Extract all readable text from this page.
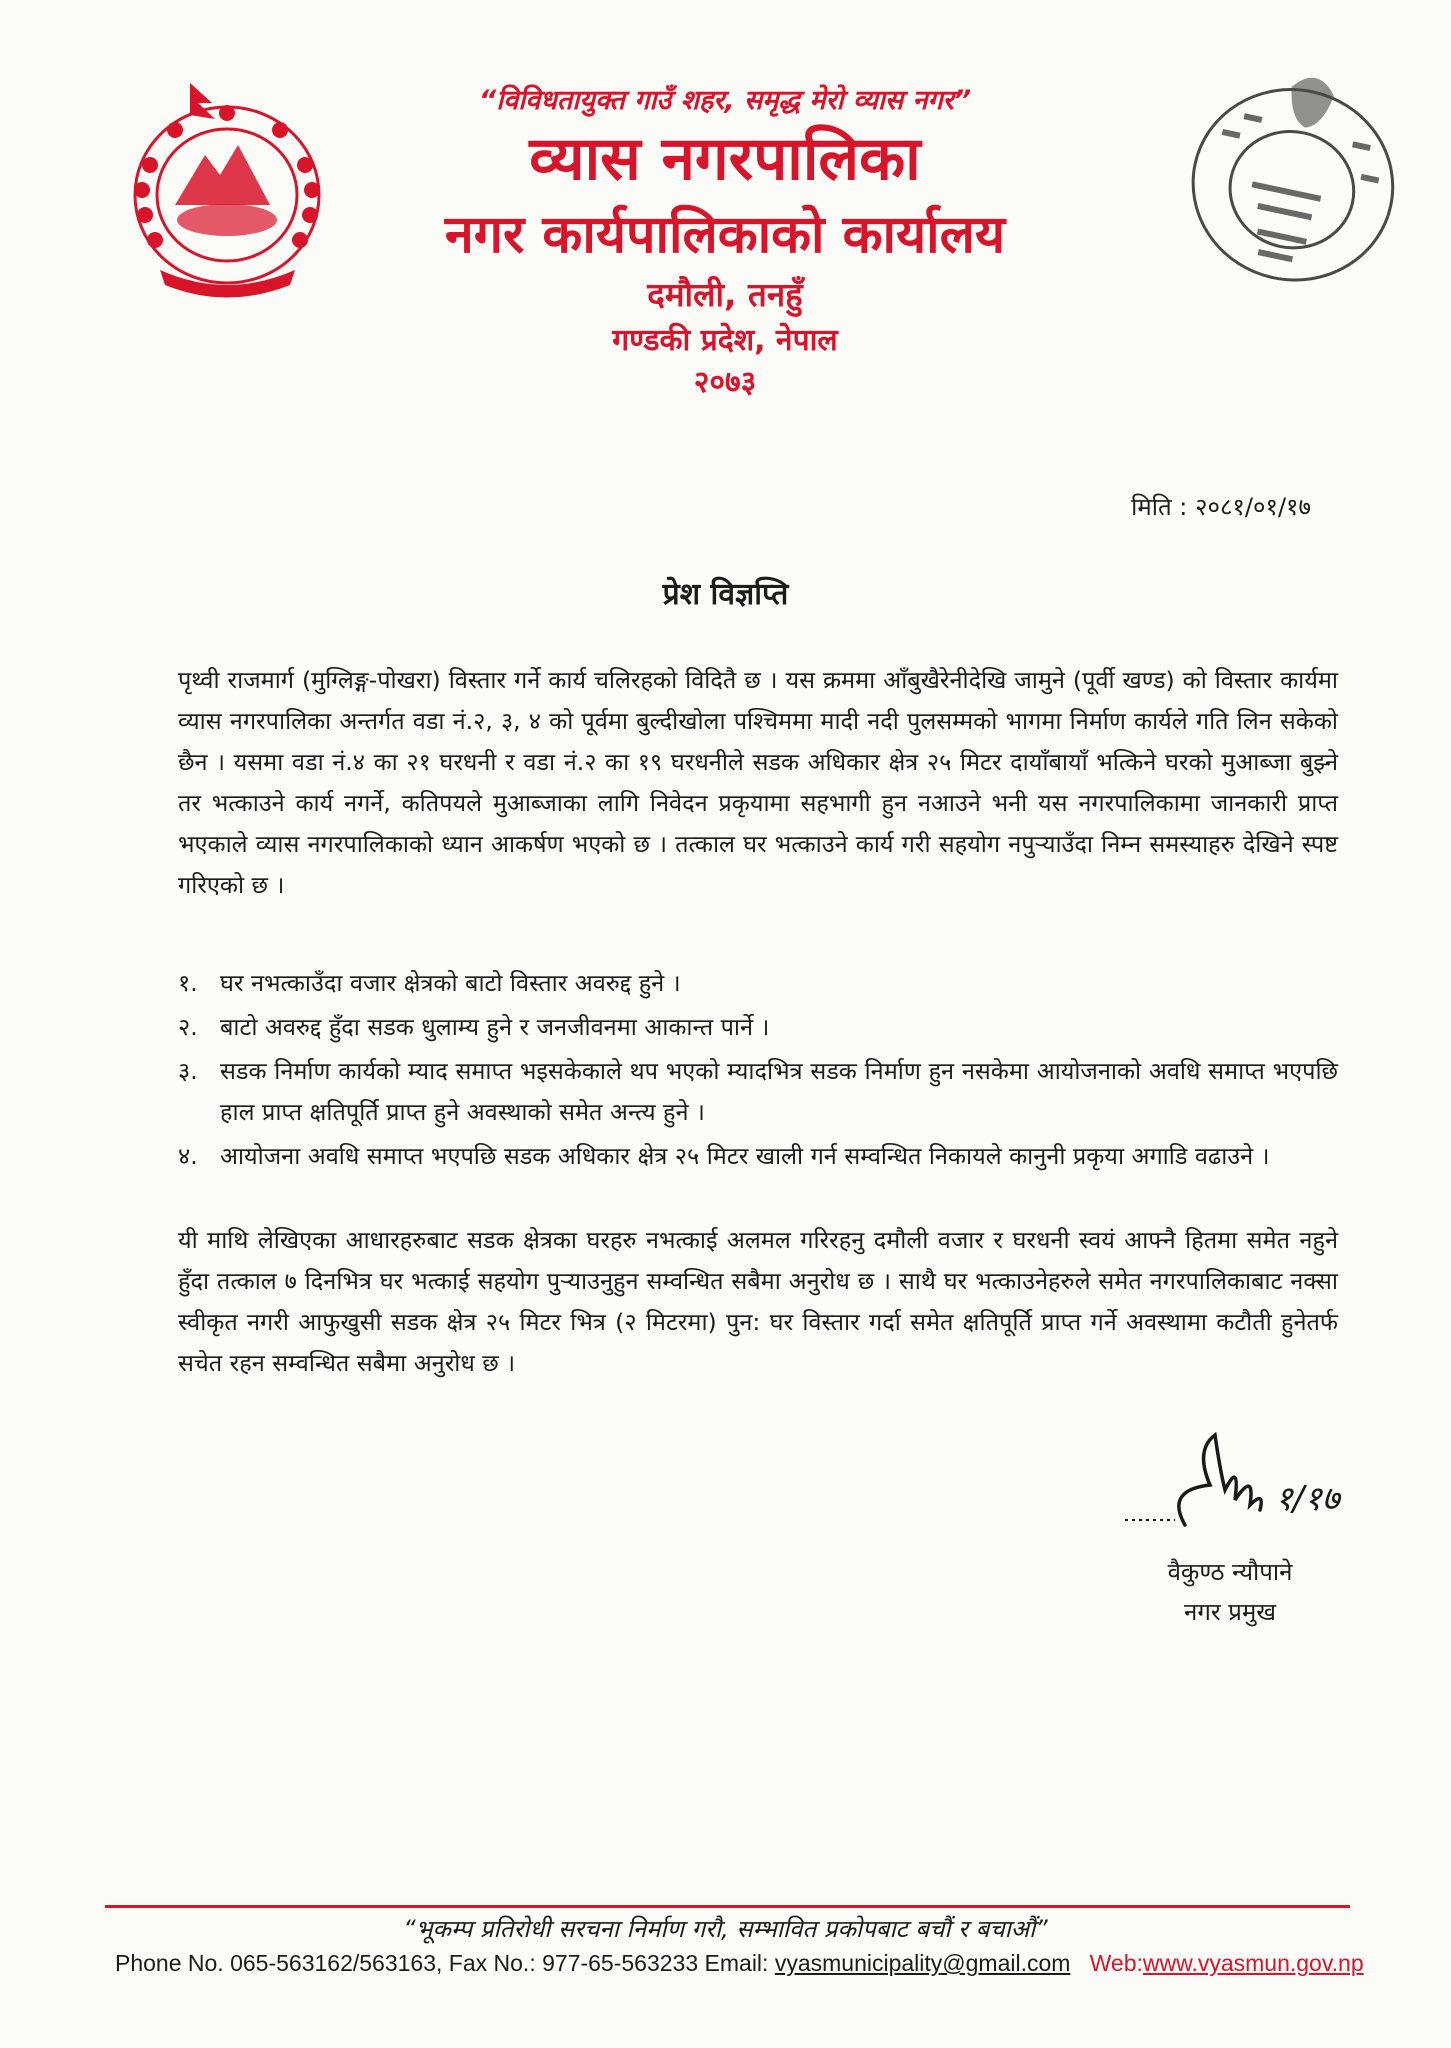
“विविधतायुक्त गाउँ शहर, समृद्ध मेरो व्यास नगर”
व्यास नगरपालिका
नगर कार्यपालिकाको कार्यालय
दमौली, तनहुँ
गण्डकी प्रदेश, नेपाल
२०७३
मिति : २०८१/०१/१७
प्रेश विज्ञप्ति
पृथ्वी राजमार्ग (मुग्लिङ्ग-पोखरा) विस्तार गर्ने कार्य चलिरहको विदितै छ । यस क्रममा आँबुखैरेनीदेखि जामुने (पूर्वी खण्ड) को विस्तार कार्यमा व्यास नगरपालिका अन्तर्गत वडा नं.२, ३, ४ को पूर्वमा बुल्दीखोला पश्चिममा मादी नदी पुलसम्मको भागमा निर्माण कार्यले गति लिन सकेको छैन । यसमा वडा नं.४ का २१ घरधनी र वडा नं.२ का १९ घरधनीले सडक अधिकार क्षेत्र २५ मिटर दायाँबायाँ भत्किने घरको मुआब्जा बुझ्ने तर भत्काउने कार्य नगर्ने, कतिपयले मुआब्जाका लागि निवेदन प्रकृयामा सहभागी हुन नआउने भनी यस नगरपालिकामा जानकारी प्राप्त भएकाले व्यास नगरपालिकाको ध्यान आकर्षण भएको छ । तत्काल घर भत्काउने कार्य गरी सहयोग नपुऱ्याउँदा निम्न समस्याहरु देखिने स्पष्ट गरिएको छ ।
१. घर नभत्काउँदा वजार क्षेत्रको बाटो विस्तार अवरुद्द हुने ।
२. बाटो अवरुद्द हुँदा सडक धुलाम्य हुने र जनजीवनमा आकान्त पार्ने ।
३. सडक निर्माण कार्यको म्याद समाप्त भइसकेकाले थप भएको म्यादभित्र सडक निर्माण हुन नसकेमा आयोजनाको अवधि समाप्त भएपछि हाल प्राप्त क्षतिपूर्ति प्राप्त हुने अवस्थाको समेत अन्त्य हुने ।
४. आयोजना अवधि समाप्त भएपछि सडक अधिकार क्षेत्र २५ मिटर खाली गर्न सम्वन्धित निकायले कानुनी प्रकृया अगाडि वढाउने ।
यी माथि लेखिएका आधारहरुबाट सडक क्षेत्रका घरहरु नभत्काई अलमल गरिरहनु दमौली वजार र घरधनी स्वयं आफ्नै हितमा समेत नहुने हुँदा तत्काल ७ दिनभित्र घर भत्काई सहयोग पुऱ्याउनुहुन सम्वन्धित सबैमा अनुरोध छ । साथै घर भत्काउनेहरुले समेत नगरपालिकाबाट नक्सा स्वीकृत नगरी आफुखुसी सडक क्षेत्र २५ मिटर भित्र (२ मिटरमा) पुन: घर विस्तार गर्दा समेत क्षतिपूर्ति प्राप्त गर्ने अवस्थामा कटौती हुनेतर्फ सचेत रहन सम्वन्धित सबैमा अनुरोध छ ।
१/१७
वैकुण्ठ न्यौपाने
नगर प्रमुख
“भूकम्प प्रतिरोधी सरचना निर्माण गरौ, सम्भावित प्रकोपबाट बचौं र बचाऔं”
Phone No. 065-563162/563163, Fax No.: 977-65-563233 Email: vyasmunicipality@gmail.com Web:www.vyasmun.gov.np
